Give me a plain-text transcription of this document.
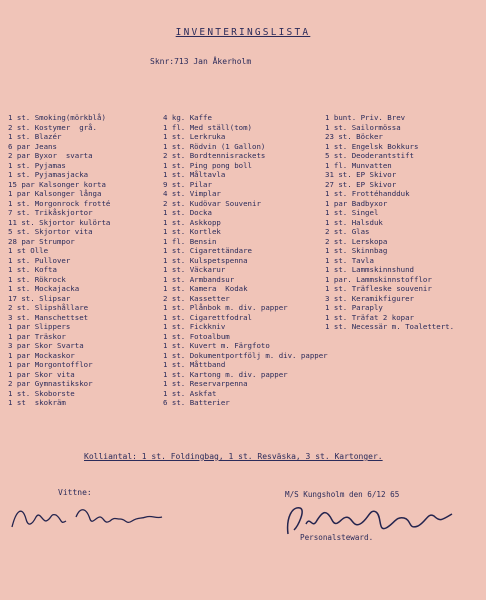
INVENTERINGSLISTA
Sknr:713 Jan Åkerholm
1 st. Smoking(mörkblå)
2 st. Kostymer  grå.
1 st. Blazér
6 par Jeans
2 par Byxor  svarta
1 st. Pyjamas
1 st. Pyjamasjacka
15 par Kalsonger korta
1 par Kalsonger långa
1 st. Morgonrock frotté
7 st. Trikåskjortor
11 st. Skjortor kulörta
5 st. Skjortor vita
28 par Strumpor
1 st Olle
1 st. Pullover
1 st. Kofta
1 st. Rökrock
1 st. Mockajacka
17 st. Slipsar
2 st. Slipshållare
3 st. Manschettset
1 par Slippers
1 par Träskor
3 par Skor Svarta
1 par Mockaskor
1 par Morgontofflor
1 par Skor vita
2 par Gymnastikskor
1 st. Skoborste
1 st  skokräm
4 kg. Kaffe
1 fl. Med ställ(tom)
1 st. Lerkruka
1 st. Rödvin (1 Gallon)
2 st. Bordtennisrackets
1 st. Ping pong boll
1 st. Måltavla
9 st. Pilar
4 st. Vimplar
2 st. Kudövar Souvenir
1 st. Docka
1 st. Askkopp
1 st. Kortlek
1 fl. Bensin
1 st. Cigarettändare
1 st. Kulspetspenna
1 st. Väckarur
1 st. Armbandsur
1 st. Kamera  Kodak
2 st. Kassetter
1 st. Plånbok m. div. papper
1 st. Cigarettfodral
1 st. Fickkniv
1 st. Fotoalbum
1 st. Kuvert m. Färgfoto
1 st. Dokumentportfölj m. div. papper
1 st. Måttband
1 st. Kartong m. div. papper
1 st. Reservarpenna
1 st. Askfat
6 st. Batterier
1 bunt. Priv. Brev
1 st. Sailormössa
23 st. Böcker
1 st. Engelsk Bokkurs
5 st. Deoderantstift
1 fl. Munvatten
31 st. EP Skivor
27 st. EP Skivor
1 st. Frottéhandduk
1 par Badbyxor
1 st. Singel
1 st. Halsduk
2 st. Glas
2 st. Lerskopa
1 st. Skinnbag
1 st. Tavla
1 st. Lammskinnshund
1 par. Lammskinnstofflor
1 st. Träfleske souvenir
3 st. Keramikfigurer
1 st. Paraply
1 st. Träfat 2 kopar
1 st. Necessär m. Toalettert.
Kolliantal: 1 st. Foldingbag, 1 st. Resväska, 3 st. Kartonger.
Vittne:	M/S Kungsholm den 6/12 65
Personalsteward.
